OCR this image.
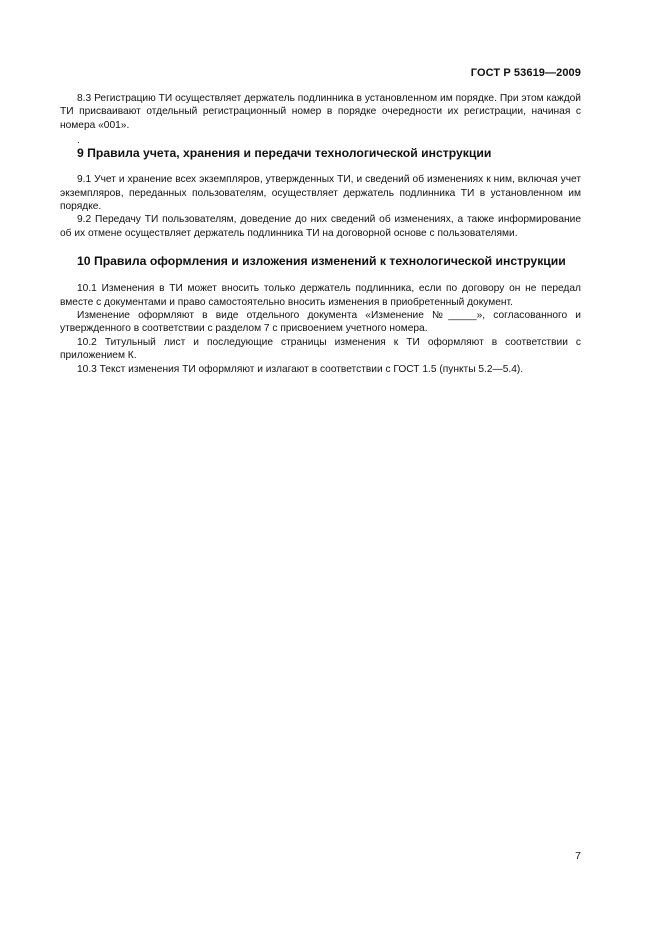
ГОСТ Р 53619—2009

8.3 Регистрацию ТИ осуществляет держатель подлинника в установленном им порядке. При этом каждой ТИ присваивают отдельный регистрационный номер в порядке очередности их регистрации, начиная с номера «001».

.
9 Правила учета, хранения и передачи технологической инструкции

9.1 Учет и хранение всех экземпляров, утвержденных ТИ, и сведений об изменениях к ним, включая учет экземпляров, переданных пользователям, осуществляет держатель подлинника ТИ в установленном им порядке.

9.2 Передачу ТИ пользователям, доведение до них сведений об изменениях, а также информирование об их отмене осуществляет держатель подлинника ТИ на договорной основе с пользователями.

10 Правила оформления и изложения изменений к технологической инструкции

10.1 Изменения в ТИ может вносить только держатель подлинника, если по договору он не передал вместе с документами и право самостоятельно вносить изменения в приобретенный документ.

Изменение оформляют в виде отдельного документа «Изменение №_____», согласованного и утвержденного в соответствии с разделом 7 с присвоением учетного номера.

10.2 Титульный лист и последующие страницы изменения к ТИ оформляют в соответствии с приложением К.

10.3 Текст изменения ТИ оформляют и излагают в соответствии с ГОСТ 1.5 (пункты 5.2—5.4).

7
